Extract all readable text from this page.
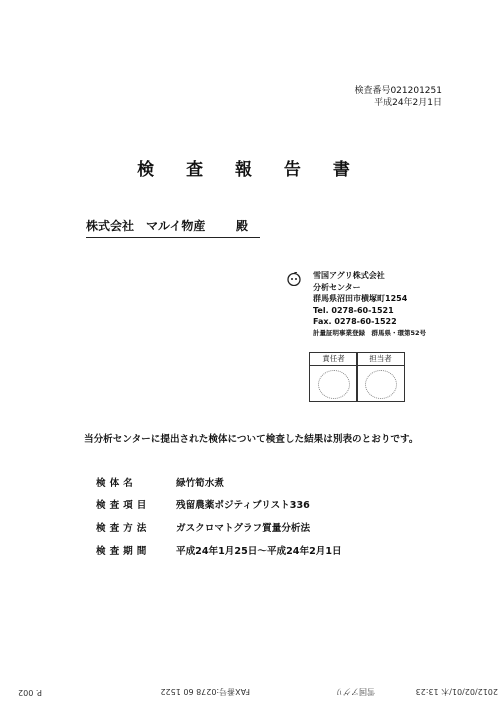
検査番号021201251
平成24年2月1日
検 査 報 告 書
株式会社　マルイ物産	殿
雪国アグリ株式会社
分析センター
群馬県沼田市横塚町1254
Tel. 0278-60-1521
Fax. 0278-60-1522
計量証明事業登録　群馬県・環第52号
責任者	担当者
当分析センターに提出された検体について検査した結果は別表のとおりです。
検体名	緑竹筍水煮
検査項目	残留農薬ポジティブリスト336
検査方法	ガスクロマトグラフ質量分析法
検査期間	平成24年1月25日～平成24年2月1日
2012/02/01/木 13:23
雪国アグリ
FAX番号:0278 60 1522
P. 002
